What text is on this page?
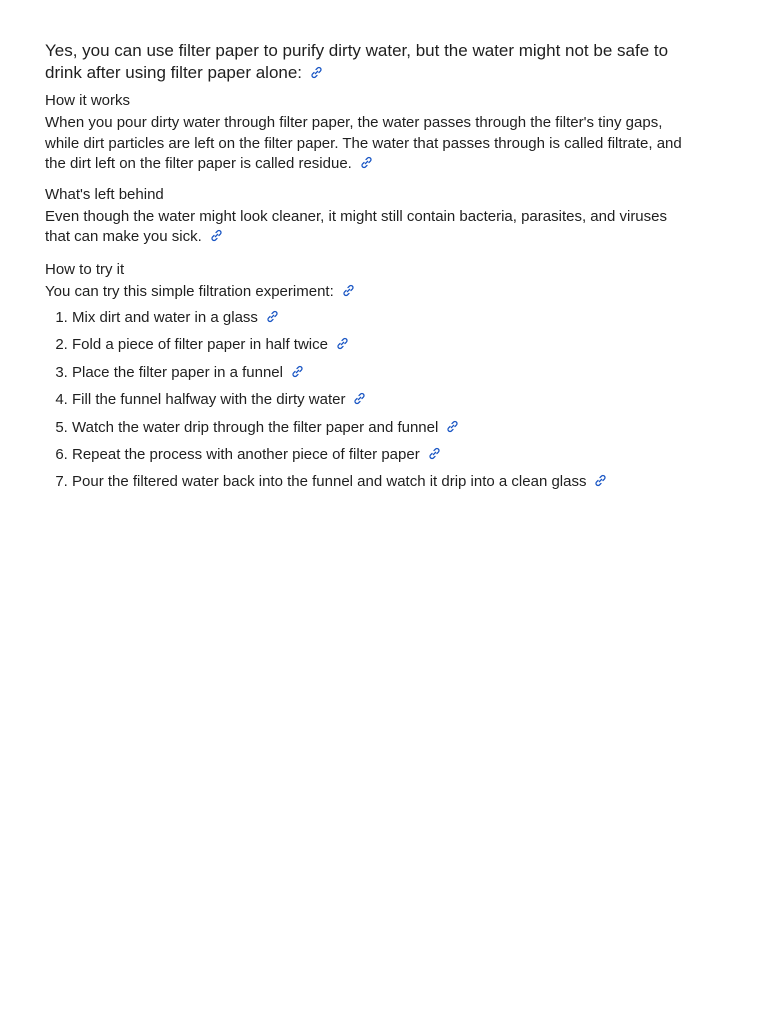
Yes, you can use filter paper to purify dirty water, but the water might not be safe to drink after using filter paper alone:

How it works

When you pour dirty water through filter paper, the water passes through the filter's tiny gaps, while dirt particles are left on the filter paper. The water that passes through is called filtrate, and the dirt left on the filter paper is called residue.

What's left behind

Even though the water might look cleaner, it might still contain bacteria, parasites, and viruses that can make you sick.

How to try it

You can try this simple filtration experiment:

1. Mix dirt and water in a glass
2. Fold a piece of filter paper in half twice
3. Place the filter paper in a funnel
4. Fill the funnel halfway with the dirty water
5. Watch the water drip through the filter paper and funnel
6. Repeat the process with another piece of filter paper
7. Pour the filtered water back into the funnel and watch it drip into a clean glass
